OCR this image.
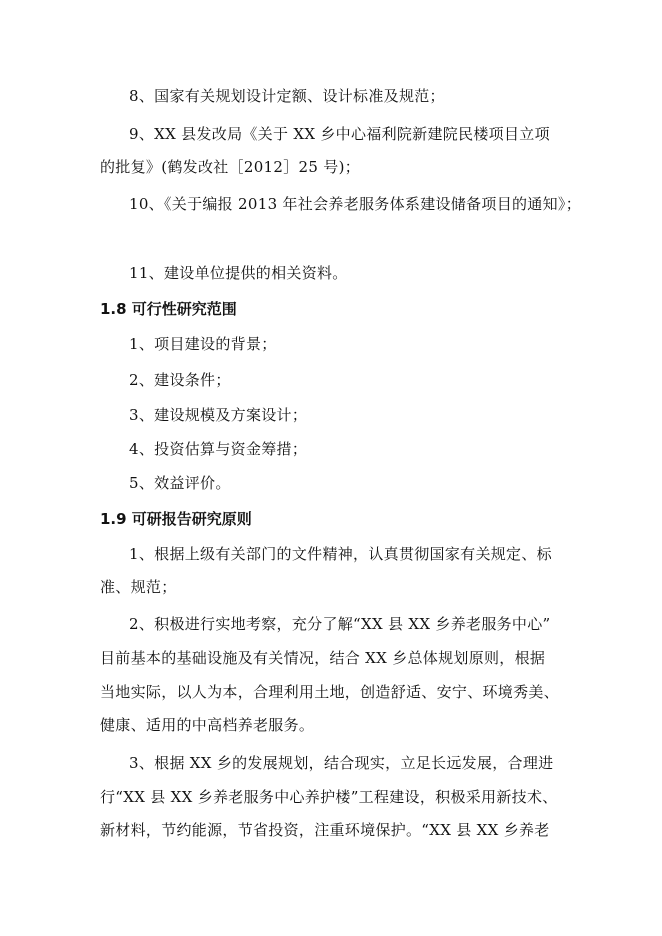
8、国家有关规划设计定额、设计标准及规范；
9、XX 县发改局《关于 XX 乡中心福利院新建院民楼项目立项
的批复》(鹤发改社［2012］25 号)；
10、《关于编报 2013 年社会养老服务体系建设储备项目的通知》；
11、建设单位提供的相关资料。
1.8 可行性研究范围
1、项目建设的背景；
2、建设条件；
3、建设规模及方案设计；
4、投资估算与资金筹措；
5、效益评价。
1.9 可研报告研究原则
1、根据上级有关部门的文件精神，认真贯彻国家有关规定、标
准、规范；
2、积极进行实地考察，充分了解“XX 县 XX 乡养老服务中心”
目前基本的基础设施及有关情况，结合 XX 乡总体规划原则，根据
当地实际，以人为本，合理利用土地，创造舒适、安宁、环境秀美、
健康、适用的中高档养老服务。
3、根据 XX 乡的发展规划，结合现实，立足长远发展，合理进
行“XX 县 XX 乡养老服务中心养护楼”工程建设，积极采用新技术、
新材料，节约能源，节省投资，注重环境保护。“XX 县 XX 乡养老
